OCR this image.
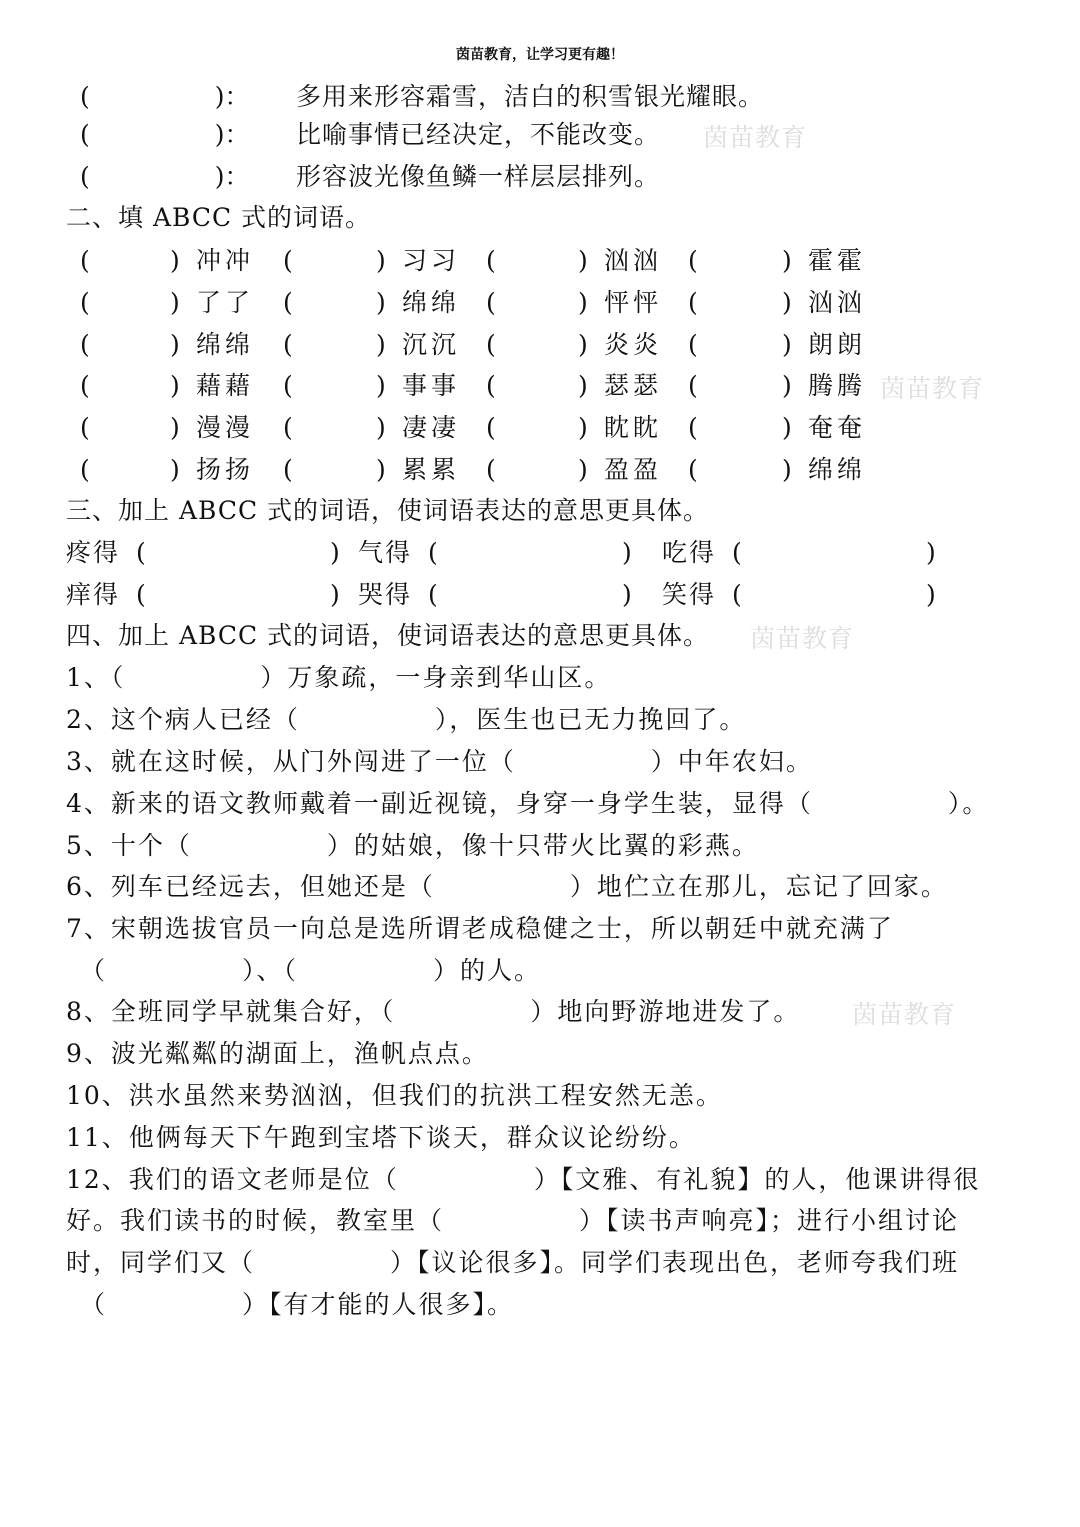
茵苗教育，让学习更有趣！
(　　　　　)： 多用来形容霜雪，洁白的积雪银光耀眼。
(　　　　　)： 比喻事情已经决定，不能改变。
(　　　　　)： 形容波光像鱼鳞一样层层排列。
二、填 ABCC 式的词语。
(	) 冲冲 (	) 习习 (	) 汹汹 (	) 霍霍
(	) 了了 (	) 绵绵 (	) 怦怦 (	) 汹汹
(	) 绵绵 (	) 沉沉 (	) 炎炎 (	) 朗朗
(	) 藉藉 (	) 事事 (	) 瑟瑟 (	) 腾腾
(	) 漫漫 (	) 凄凄 (	) 眈眈 (	) 奄奄
(	) 扬扬 (	) 累累 (	) 盈盈 (	) 绵绵
三、加上 ABCC 式的词语，使词语表达的意思更具体。
疼得 (	) 气得 (	) 吃得 (	)
痒得 (	) 哭得 (	) 笑得 (	)
四、加上 ABCC 式的词语，使词语表达的意思更具体。
1、（　　　　　）万象疏，一身亲到华山区。
2、这个病人已经（　　　　　），医生也已无力挽回了。
3、就在这时候，从门外闯进了一位（　　　　　）中年农妇。
4、新来的语文教师戴着一副近视镜，身穿一身学生装，显得（　　　　　）。
5、十个（　　　　　）的姑娘，像十只带火比翼的彩燕。
6、列车已经远去，但她还是（　　　　　）地伫立在那儿，忘记了回家。
7、宋朝选拔官员一向总是选所谓老成稳健之士，所以朝廷中就充满了
（　　　　　）、（　　　　　）的人。
8、全班同学早就集合好，（　　　　　）地向野游地进发了。
9、波光粼粼的湖面上，渔帆点点。
10、洪水虽然来势汹汹，但我们的抗洪工程安然无恙。
11、他俩每天下午跑到宝塔下谈天，群众议论纷纷。
12、我们的语文老师是位（　　　　　）【文雅、有礼貌】的人，他课讲得很
好。我们读书的时候，教室里（　　　　　）【读书声响亮】；进行小组讨论
时，同学们又（　　　　　）【议论很多】。同学们表现出色，老师夸我们班
（　　　　　）【有才能的人很多】。
茵苗教育
茵苗教育
茵苗教育
茵苗教育
